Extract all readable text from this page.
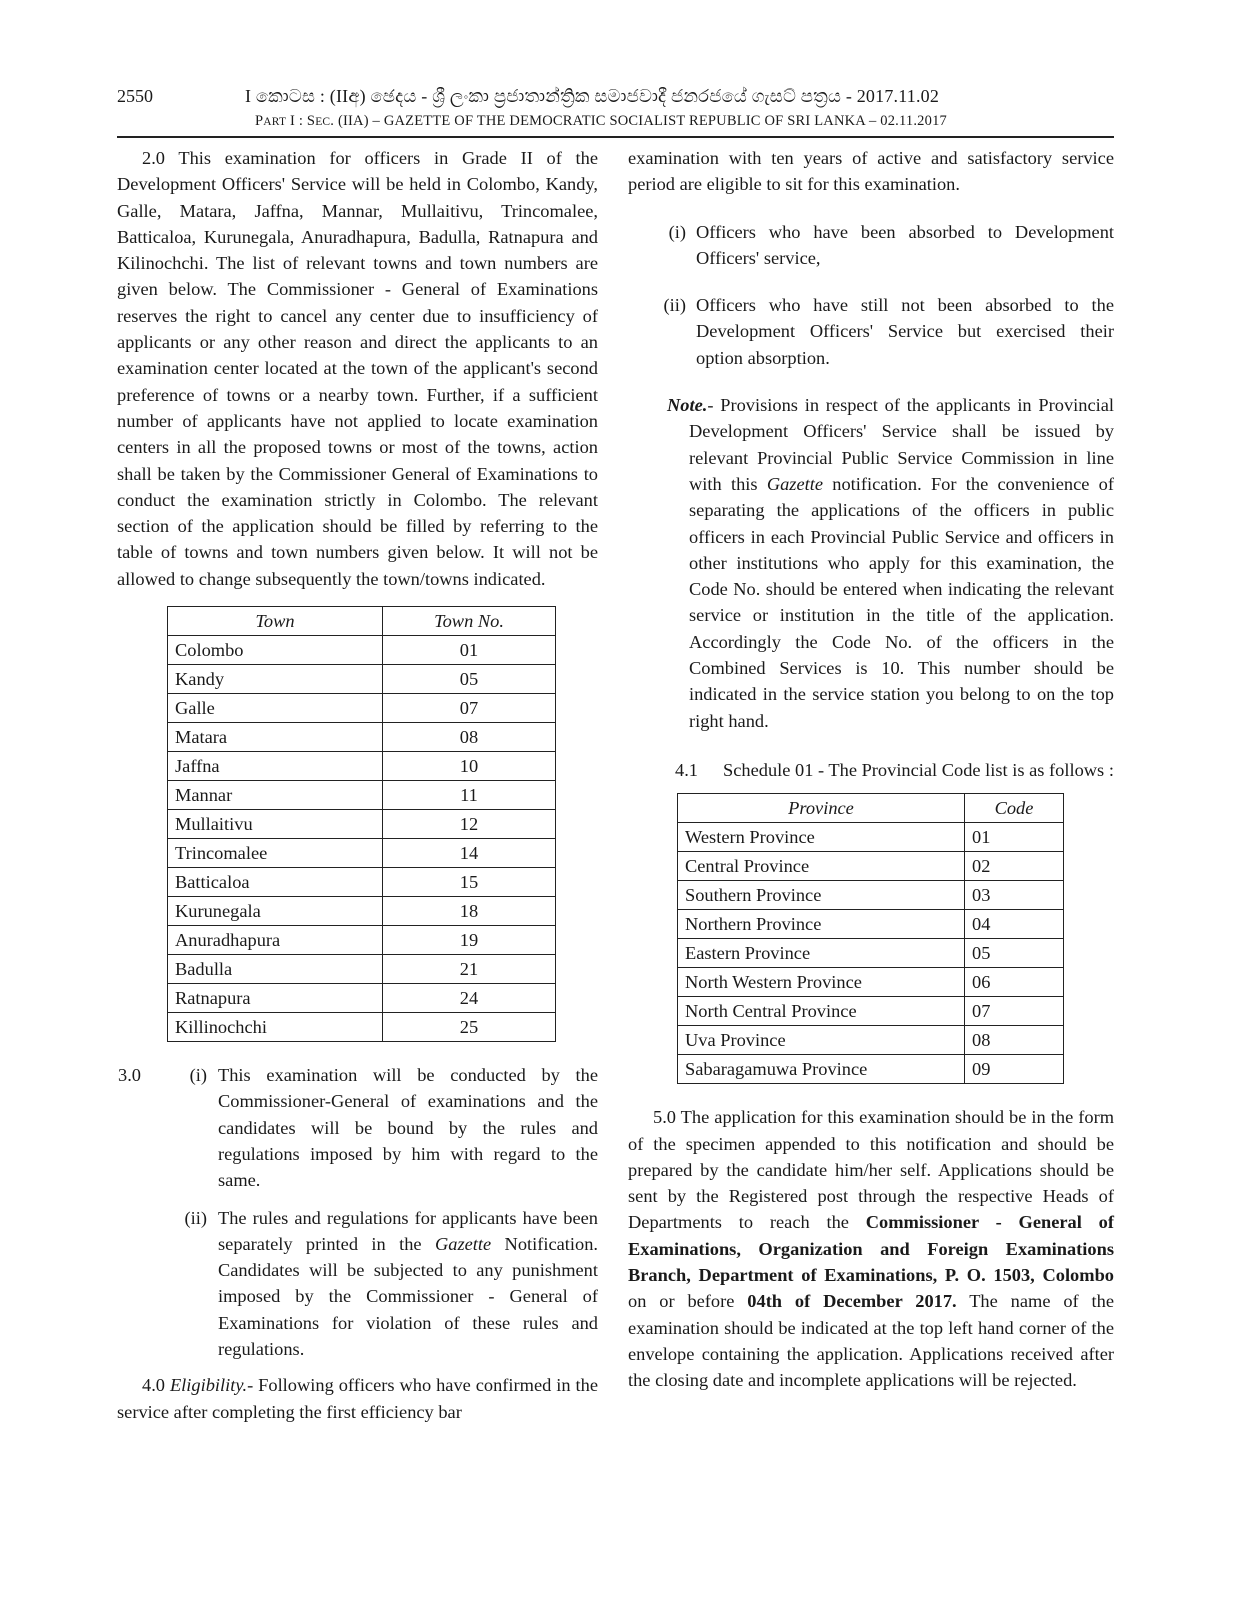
2550	I කොටස : (IIඅ) ඡෙදය - ශ්‍රී ලංකා ප්‍රජාතාන්ත්‍රික සමාජවාදී ජනරජයේ ගැසට් පත්‍රය - 2017.11.02
PART I : SEC. (IIA) – GAZETTE OF THE DEMOCRATIC SOCIALIST REPUBLIC OF SRI LANKA – 02.11.2017

2.0 This examination for officers in Grade II of the Development Officers' Service will be held in Colombo, Kandy, Galle, Matara, Jaffna, Mannar, Mullaitivu, Trincomalee, Batticaloa, Kurunegala, Anuradhapura, Badulla, Ratnapura and Kilinochchi. The list of relevant towns and town numbers are given below. The Commissioner - General of Examinations reserves the right to cancel any center due to insufficiency of applicants or any other reason and direct the applicants to an examination center located at the town of the applicant's second preference of towns or a nearby town. Further, if a sufficient number of applicants have not applied to locate examination centers in all the proposed towns or most of the towns, action shall be taken by the Commissioner General of Examinations to conduct the examination strictly in Colombo. The relevant section of the application should be filled by referring to the table of towns and town numbers given below. It will not be allowed to change subsequently the town/towns indicated.

Town	Town No.
Colombo	01
Kandy	05
Galle	07
Matara	08
Jaffna	10
Mannar	11
Mullaitivu	12
Trincomalee	14
Batticaloa	15
Kurunegala	18
Anuradhapura	19
Badulla	21
Ratnapura	24
Killinochchi	25
3.0	(i) This examination will be conducted by the Commissioner-General of examinations and the candidates will be bound by the rules and regulations imposed by him with regard to the same.
(ii) The rules and regulations for applicants have been separately printed in the Gazette Notification. Candidates will be subjected to any punishment imposed by the Commissioner - General of Examinations for violation of these rules and regulations.

4.0 Eligibility.- Following officers who have confirmed in the service after completing the first efficiency bar

examination with ten years of active and satisfactory service period are eligible to sit for this examination.

(i) Officers who have been absorbed to Development Officers' service,
(ii) Officers who have still not been absorbed to the Development Officers' Service but exercised their option absorption.

Note.- Provisions in respect of the applicants in Provincial Development Officers' Service shall be issued by relevant Provincial Public Service Commission in line with this Gazette notification. For the convenience of separating the applications of the officers in public officers in each Provincial Public Service and officers in other institutions who apply for this examination, the Code No. should be entered when indicating the relevant service or institution in the title of the application. Accordingly the Code No. of the officers in the Combined Services is 10. This number should be indicated in the service station you belong to on the top right hand.

4.1	Schedule 01 - The Provincial Code list is as follows :
Province	Code
Western Province	01
Central Province	02
Southern Province	03
Northern Province	04
Eastern Province	05
North Western Province	06
North Central Province	07
Uva Province	08
Sabaragamuwa Province	09

5.0 The application for this examination should be in the form of the specimen appended to this notification and should be prepared by the candidate him/her self. Applications should be sent by the Registered post through the respective Heads of Departments to reach the Commissioner - General of Examinations, Organization and Foreign Examinations Branch, Department of Examinations, P. O. 1503, Colombo on or before 04th of December 2017. The name of the examination should be indicated at the top left hand corner of the envelope containing the application. Applications received after the closing date and incomplete applications will be rejected.
